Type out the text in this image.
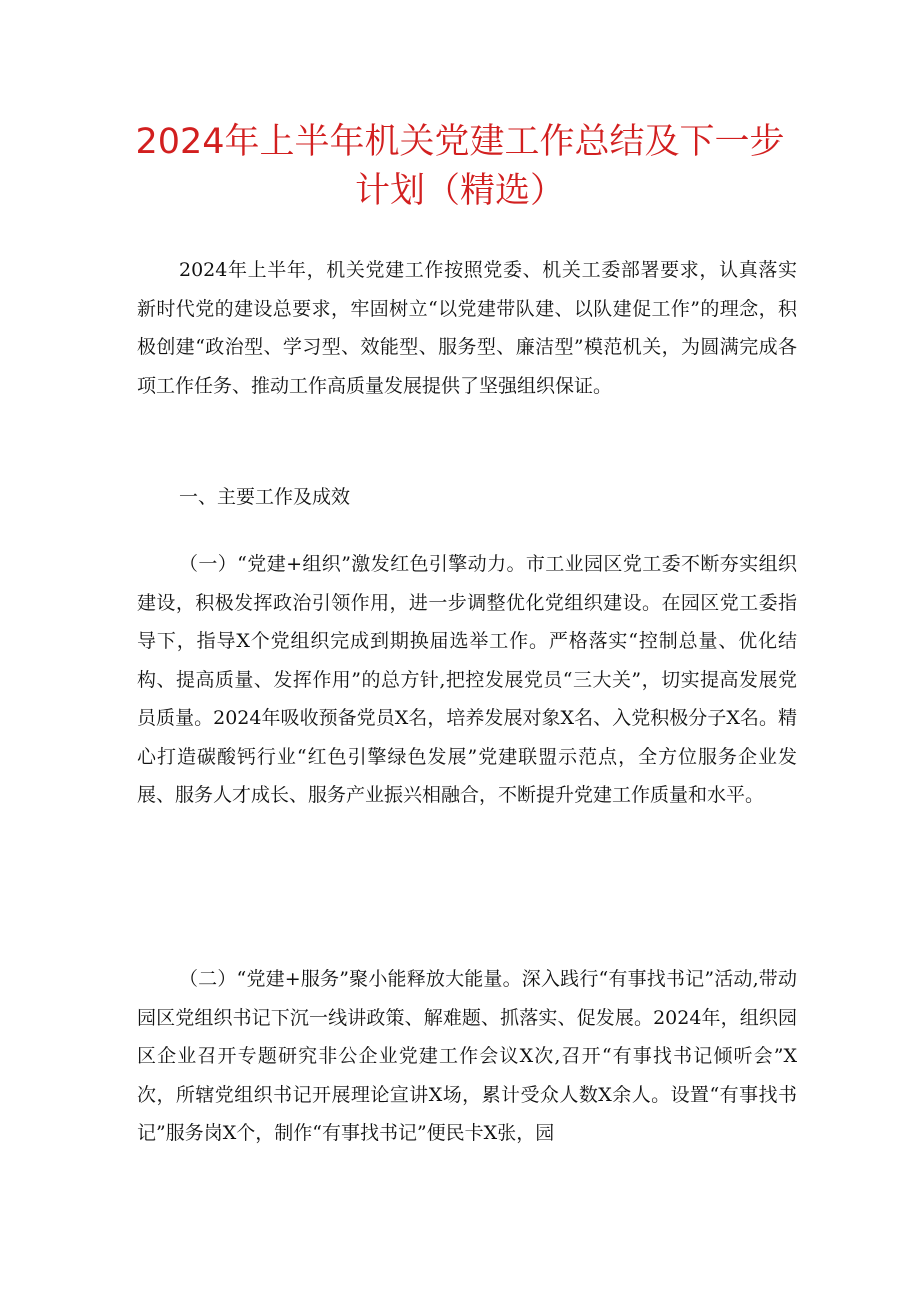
2024年上半年机关党建工作总结及下一步计划（精选）
2024年上半年，机关党建工作按照党委、机关工委部署要求，认真落实新时代党的建设总要求，牢固树立“以党建带队建、以队建促工作”的理念，积极创建“政治型、学习型、效能型、服务型、廉洁型”模范机关，为圆满完成各项工作任务、推动工作高质量发展提供了坚强组织保证。
一、主要工作及成效
（一）“党建+组织”激发红色引擎动力。市工业园区党工委不断夯实组织建设，积极发挥政治引领作用，进一步调整优化党组织建设。在园区党工委指导下，指导X个党组织完成到期换届选举工作。严格落实“控制总量、优化结构、提高质量、发挥作用”的总方针,把控发展党员“三大关”，切实提高发展党员质量。2024年吸收预备党员X名，培养发展对象X名、入党积极分子X名。精心打造碳酸钙行业“红色引擎绿色发展”党建联盟示范点，全方位服务企业发展、服务人才成长、服务产业振兴相融合，不断提升党建工作质量和水平。
（二）“党建+服务”聚小能释放大能量。深入践行“有事找书记”活动,带动园区党组织书记下沉一线讲政策、解难题、抓落实、促发展。2024年，组织园区企业召开专题研究非公企业党建工作会议X次,召开“有事找书记倾听会”X次，所辖党组织书记开展理论宣讲X场，累计受众人数X余人。设置“有事找书记”服务岗X个，制作“有事找书记”便民卡X张，园
